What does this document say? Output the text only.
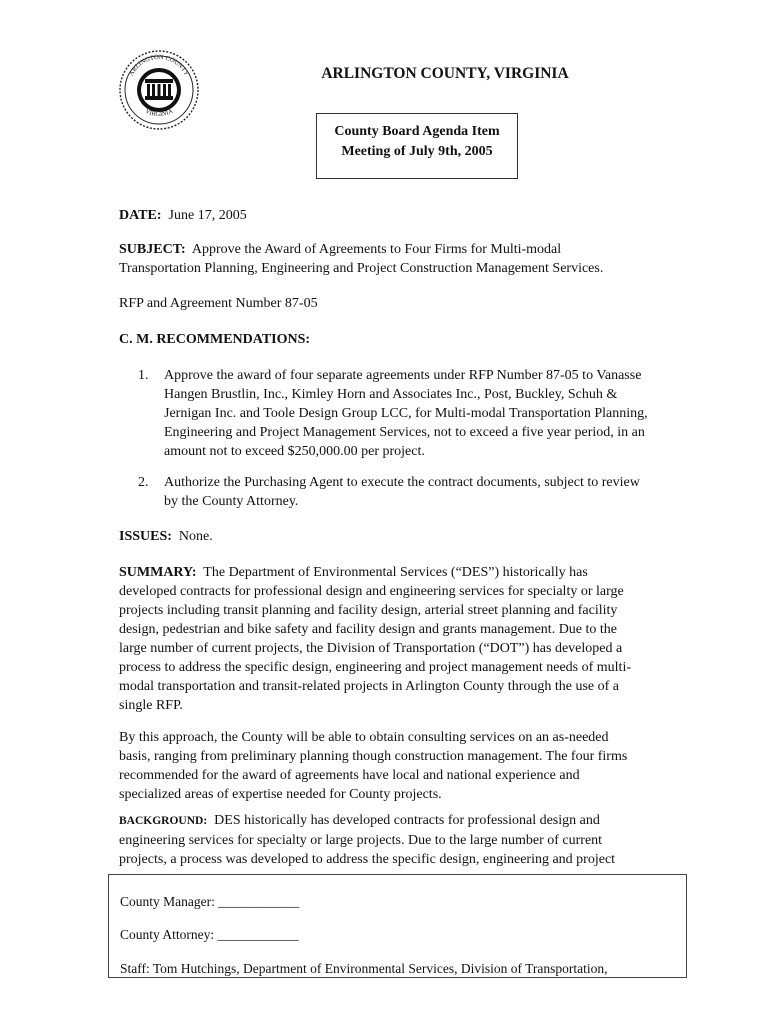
ARLINGTON COUNTY
VIRGINIA

ARLINGTON COUNTY, VIRGINIA

County Board Agenda Item
Meeting of July 9th, 2005

DATE: June 17, 2005

SUBJECT: Approve the Award of Agreements to Four Firms for Multi-modal

Transportation Planning, Engineering and Project Construction Management Services.

RFP and Agreement Number 87-05

C. M. RECOMMENDATIONS:

1. Approve the award of four separate agreements under RFP Number 87-05 to Vanasse

Hangen Brustlin, Inc., Kimley Horn and Associates Inc., Post, Buckley, Schuh &

Jernigan Inc. and Toole Design Group LCC, for Multi-modal Transportation Planning,

Engineering and Project Management Services, not to exceed a five year period, in an

amount not to exceed $250,000.00 per project.

2. Authorize the Purchasing Agent to execute the contract documents, subject to review

by the County Attorney.

ISSUES: None.

SUMMARY: The Department of Environmental Services (“DES”) historically has

developed contracts for professional design and engineering services for specialty or large

projects including transit planning and facility design, arterial street planning and facility

design, pedestrian and bike safety and facility design and grants management. Due to the

large number of current projects, the Division of Transportation (“DOT”) has developed a

process to address the specific design, engineering and project management needs of multi-

modal transportation and transit-related projects in Arlington County through the use of a

single RFP.

By this approach, the County will be able to obtain consulting services on an as-needed

basis, ranging from preliminary planning though construction management. The four firms

recommended for the award of agreements have local and national experience and

specialized areas of expertise needed for County projects.

BACKGROUND: DES historically has developed contracts for professional design and

engineering services for specialty or large projects. Due to the large number of current

projects, a process was developed to address the specific design, engineering and project

County Manager: ____________

County Attorney: ____________

Staff: Tom Hutchings, Department of Environmental Services, Division of Transportation,
